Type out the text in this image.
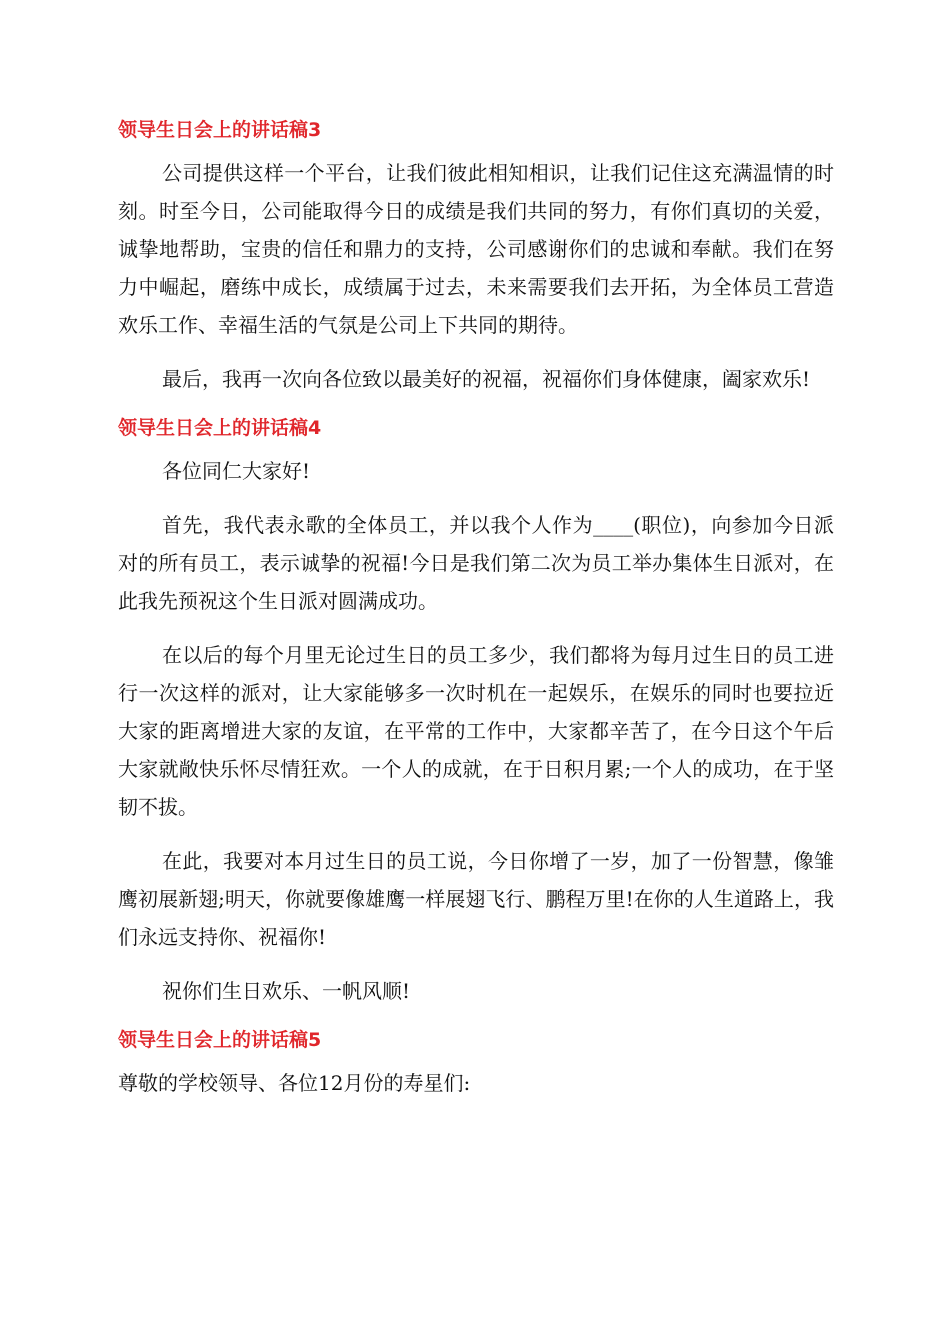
领导生日会上的讲话稿3

公司提供这样一个平台，让我们彼此相知相识，让我们记住这充满温情的时刻。时至今日，公司能取得今日的成绩是我们共同的努力，有你们真切的关爱，诚挚地帮助，宝贵的信任和鼎力的支持，公司感谢你们的忠诚和奉献。我们在努力中崛起，磨练中成长，成绩属于过去，未来需要我们去开拓，为全体员工营造欢乐工作、幸福生活的气氛是公司上下共同的期待。

最后，我再一次向各位致以最美好的祝福，祝福你们身体健康，阖家欢乐!

领导生日会上的讲话稿4

各位同仁大家好!

首先，我代表永歌的全体员工，并以我个人作为____(职位)，向参加今日派对的所有员工，表示诚挚的祝福!今日是我们第二次为员工举办集体生日派对，在此我先预祝这个生日派对圆满成功。

在以后的每个月里无论过生日的员工多少，我们都将为每月过生日的员工进行一次这样的派对，让大家能够多一次时机在一起娱乐，在娱乐的同时也要拉近大家的距离增进大家的友谊，在平常的工作中，大家都辛苦了，在今日这个午后大家就敞快乐怀尽情狂欢。一个人的成就，在于日积月累;一个人的成功，在于坚韧不拔。

在此，我要对本月过生日的员工说，今日你增了一岁，加了一份智慧，像雏鹰初展新翅;明天，你就要像雄鹰一样展翅飞行、鹏程万里!在你的人生道路上，我们永远支持你、祝福你!

祝你们生日欢乐、一帆风顺!

领导生日会上的讲话稿5

尊敬的学校领导、各位12月份的寿星们:
